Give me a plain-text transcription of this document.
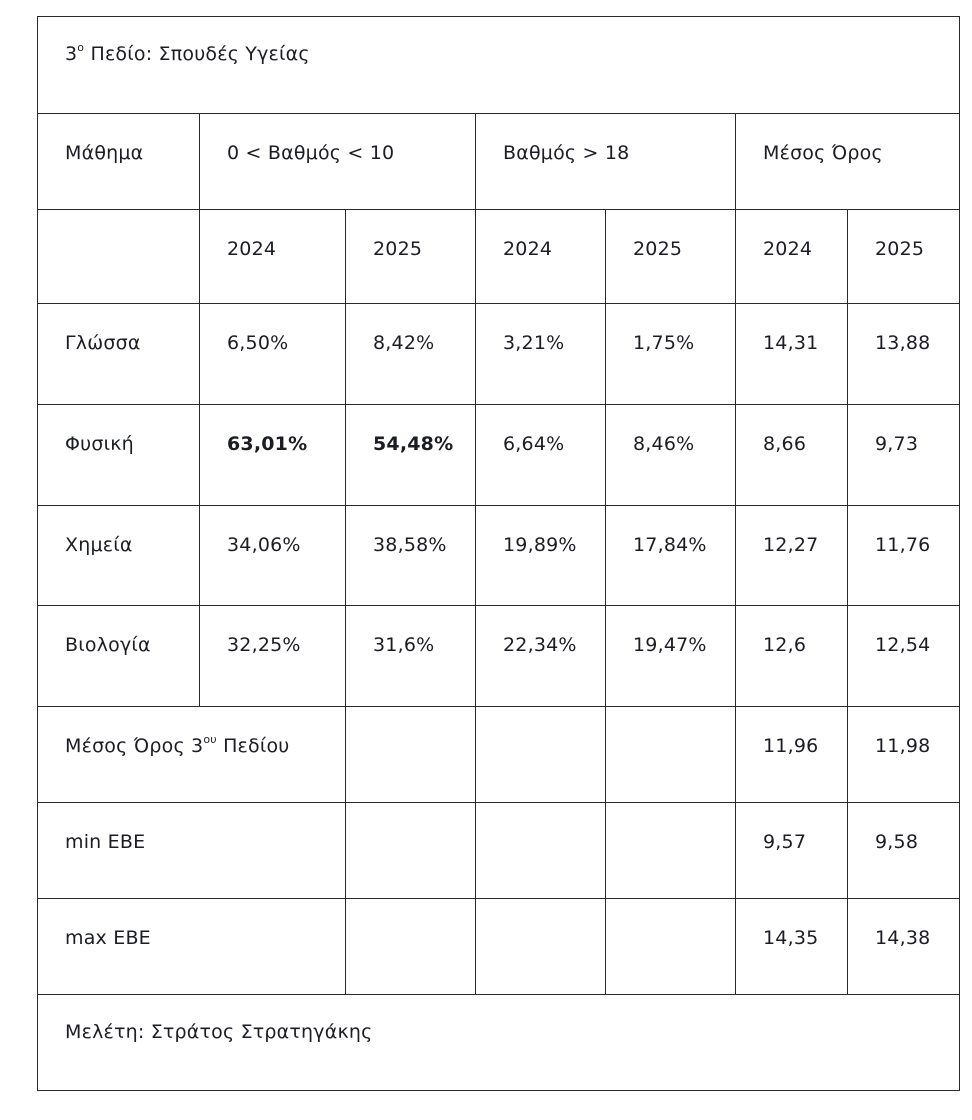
$3^o$ Πεδίο: Σπουδές Υγείας						
Μάθημα	0 < Βαθμός < 10		Βαθμός > 18		Μέσος Όρος	
	2024	2025	2024	2025	2024	2025
Γλώσσα	6,50%	8,42%	3,21%	1,75%	14,31	13,88
Φυσική	63,01%	54,48%	6,64%	8,46%	8,66	9,73
Χημεία	34,06%	38,58%	19,89%	17,84%	12,27	11,76
Βιολογία	32,25%	31,6%	22,34%	19,47%	12,6	12,54
Μέσος Όρος $3^{o\upsilon}$ Πεδίου					11,96	11,98
min ΕΒΕ					9,57	9,58
max ΕΒΕ					14,35	14,38
Μελέτη: Στράτος Στρατηγάκης						
